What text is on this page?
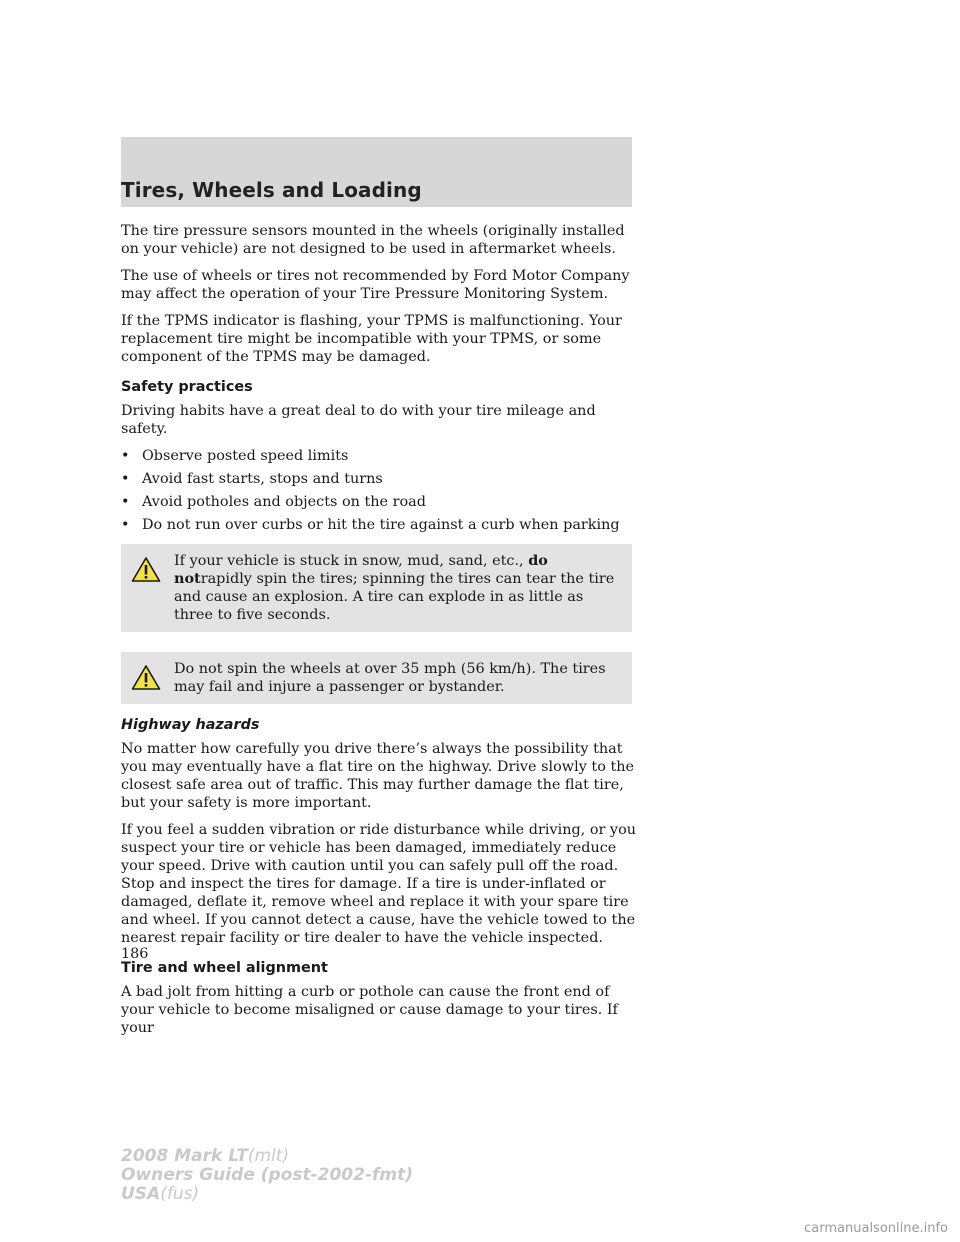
Tires, Wheels and Loading

The tire pressure sensors mounted in the wheels (originally installed on your vehicle) are not designed to be used in aftermarket wheels.

The use of wheels or tires not recommended by Ford Motor Company may affect the operation of your Tire Pressure Monitoring System.

If the TPMS indicator is flashing, your TPMS is malfunctioning. Your replacement tire might be incompatible with your TPMS, or some component of the TPMS may be damaged.

Safety practices

Driving habits have a great deal to do with your tire mileage and safety.

• Observe posted speed limits
• Avoid fast starts, stops and turns
• Avoid potholes and objects on the road
• Do not run over curbs or hit the tire against a curb when parking
If your vehicle is stuck in snow, mud, sand, etc., do notrapidly spin the tires; spinning the tires can tear the tire and cause an explosion. A tire can explode in as little as three to five seconds.
Do not spin the wheels at over 35 mph (56 km/h). The tires may fail and injure a passenger or bystander.
Highway hazards

No matter how carefully you drive there’s always the possibility that you may eventually have a flat tire on the highway. Drive slowly to the closest safe area out of traffic. This may further damage the flat tire, but your safety is more important.

If you feel a sudden vibration or ride disturbance while driving, or you suspect your tire or vehicle has been damaged, immediately reduce your speed. Drive with caution until you can safely pull off the road. Stop and inspect the tires for damage. If a tire is under-inflated or damaged, deflate it, remove wheel and replace it with your spare tire and wheel. If you cannot detect a cause, have the vehicle towed to the nearest repair facility or tire dealer to have the vehicle inspected.

Tire and wheel alignment

A bad jolt from hitting a curb or pothole can cause the front end of your vehicle to become misaligned or cause damage to your tires. If your

186
2008 Mark LT(mlt)
Owners Guide (post-2002-fmt)
USA(fus)
carmanualsonline.info
